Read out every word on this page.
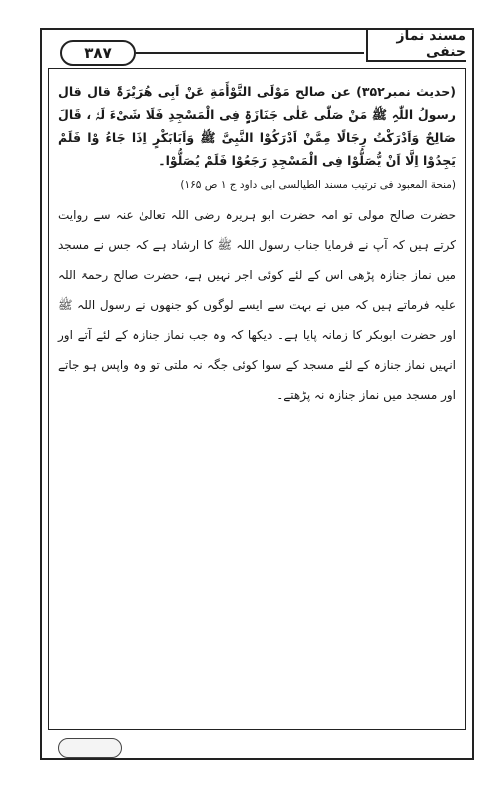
۳۸۷
مسند نماز حنفی

(حدیث نمبر۳۵۲) عن صالح مَوْلَی التَّوْأَمَةِ عَنْ اَبِی ھُرَیْرَۃَ قال قال رسولُ اللّٰہِ ﷺ مَنْ صَلّٰی عَلٰی جَنَازَۃٍ فِی الْمَسْجِدِ فَلَا شَیْءَ لَہٗ ، قَالَ صَالِحٌ وَاَدْرَکْتُ رِجَالًا مِمَّنْ اَدْرَکُوْا النَّبِیَّ ﷺ وَاَبَابَکْرٍ اِذَا جَاءُ وْا فَلَمْ یَجِدُوْا اِلَّا اَنْ یُّصَلُّوْا فِی الْمَسْجِدِ رَجَعُوْا فَلَمْ یُصَلُّوْا۔

(منحة المعبود فی ترتیب مسند الطیالسی ابی داود ج ۱ ص ۱۶۵)

حضرت صالح مولی تو امہ حضرت ابو ہریرہ رضی اللہ تعالیٰ عنہ سے روایت کرتے ہیں کہ آپ نے فرمایا جناب رسول اللہ ﷺ کا ارشاد ہے کہ جس نے مسجد میں نماز جنازہ پڑھی اس کے لئے کوئی اجر نہیں ہے، حضرت صالح رحمۃ اللہ علیہ فرماتے ہیں کہ میں نے بہت سے ایسے لوگوں کو جنھوں نے رسول اللہ ﷺ اور حضرت ابوبکر کا زمانہ پایا ہے۔ دیکھا کہ وہ جب نماز جنازہ کے لئے آتے اور انہیں نماز جنازہ کے لئے مسجد کے سوا کوئی جگہ نہ ملتی تو وہ واپس ہو جاتے اور مسجد میں نماز جنازہ نہ پڑھتے۔
